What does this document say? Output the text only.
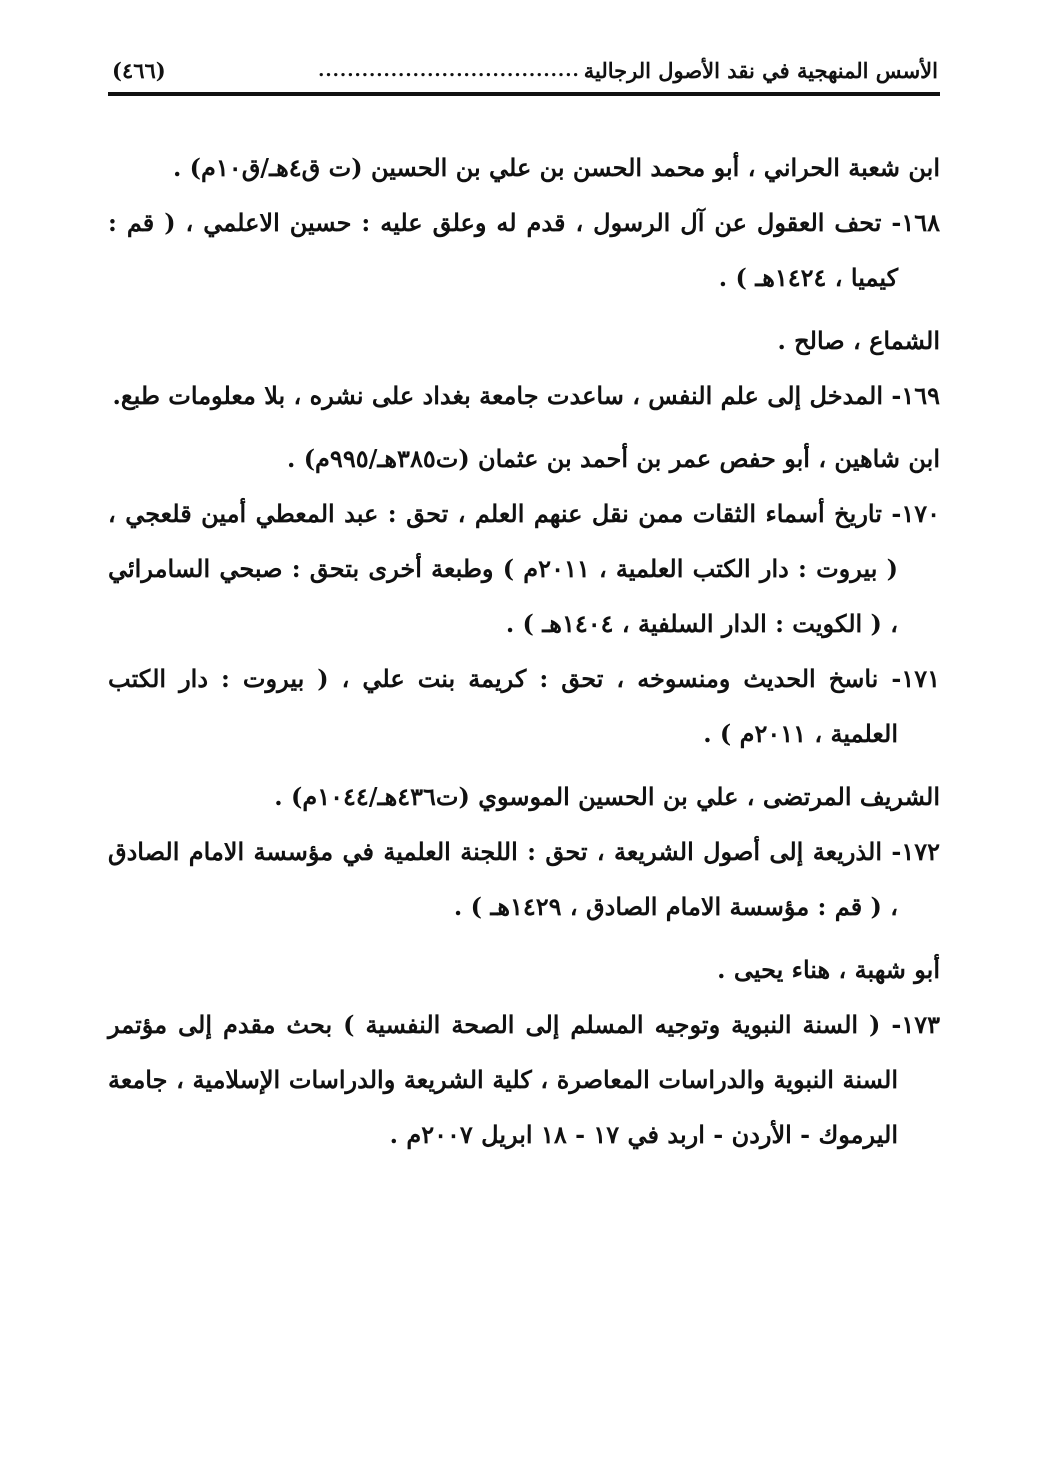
الأسس المنهجية في نقد الأصول الرجالية
....................................
(٤٦٦)

ابن شعبة الحراني ، أبو محمد الحسن بن علي بن الحسين (ت ق٤هـ/ق١٠م) .

١٦٨- تحف العقول عن آل الرسول ، قدم له وعلق عليه : حسين الاعلمي ، ( قم : كيميا ، ١٤٢٤هـ ) .

الشماع ، صالح .

١٦٩- المدخل إلى علم النفس ، ساعدت جامعة بغداد على نشره ، بلا معلومات طبع.

ابن شاهين ، أبو حفص عمر بن أحمد بن عثمان (ت٣٨٥هـ/٩٩٥م) .

١٧٠- تاريخ أسماء الثقات ممن نقل عنهم العلم ، تحق : عبد المعطي أمين قلعجي ، ( بيروت : دار الكتب العلمية ، ٢٠١١م ) وطبعة أخرى بتحق : صبحي السامرائي ، ( الكويت : الدار السلفية ، ١٤٠٤هـ ) .

١٧١- ناسخ الحديث ومنسوخه ، تحق : كريمة بنت علي ، ( بيروت : دار الكتب العلمية ، ٢٠١١م ) .

الشريف المرتضى ، علي بن الحسين الموسوي (ت٤٣٦هـ/١٠٤٤م) .

١٧٢- الذريعة إلى أصول الشريعة ، تحق : اللجنة العلمية في مؤسسة الامام الصادق ، ( قم : مؤسسة الامام الصادق ، ١٤٢٩هـ ) .

أبو شهبة ، هناء يحيى .

١٧٣- ( السنة النبوية وتوجيه المسلم إلى الصحة النفسية ) بحث مقدم إلى مؤتمر السنة النبوية والدراسات المعاصرة ، كلية الشريعة والدراسات الإسلامية ، جامعة اليرموك - الأردن - اربد في ١٧ - ١٨ ابريل ٢٠٠٧م .
